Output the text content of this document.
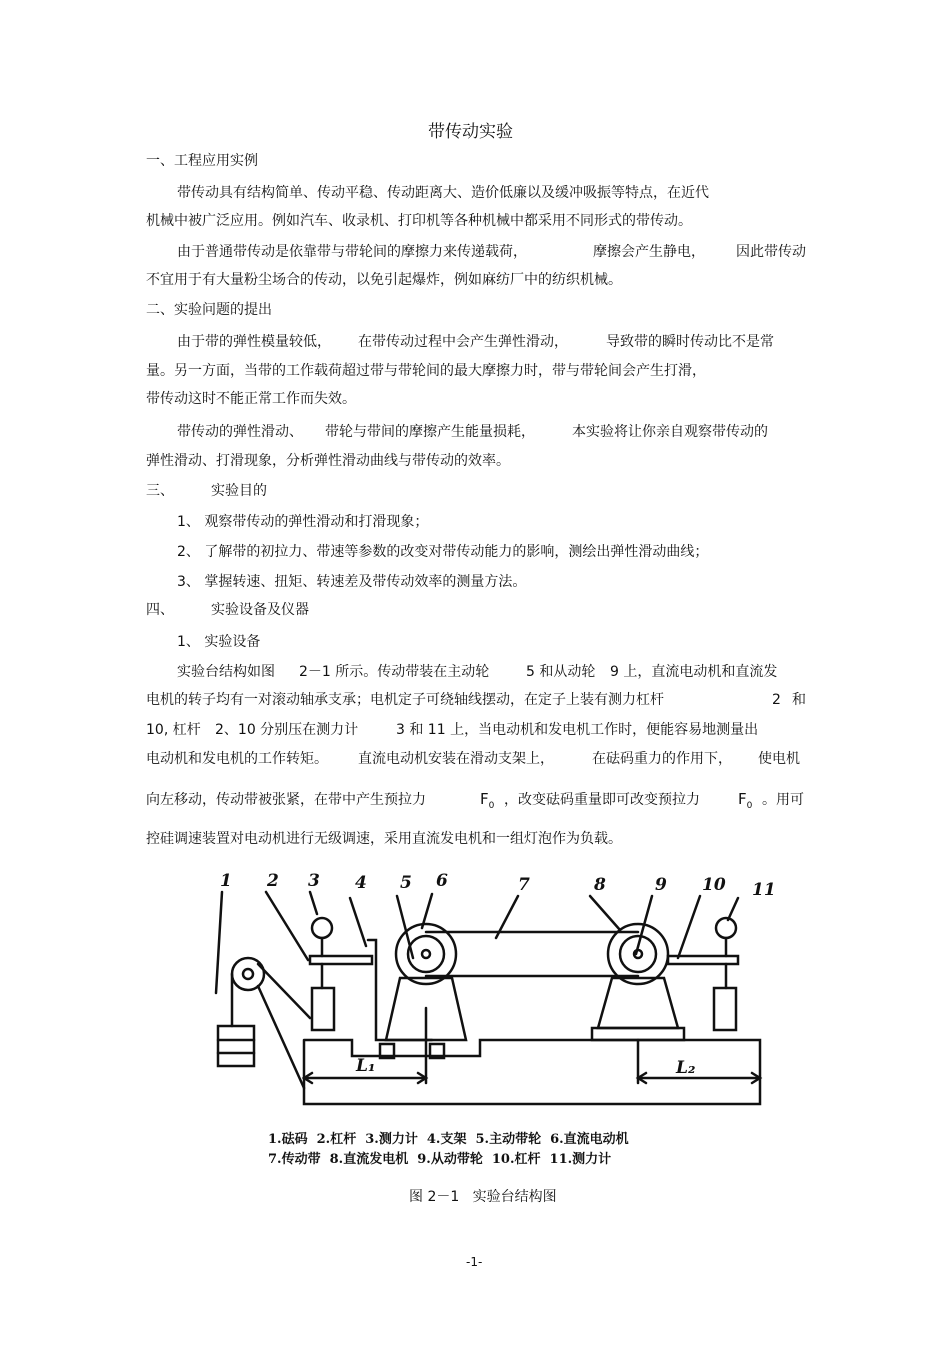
带传动实验
一、工程应用实例
带传动具有结构简单、传动平稳、传动距离大、造价低廉以及缓冲吸振等特点，在近代
机械中被广泛应用。例如汽车、收录机、打印机等各种机械中都采用不同形式的带传动。
由于普通带传动是依靠带与带轮间的摩擦力来传递载荷，	摩擦会产生静电， 因此带传动
不宜用于有大量粉尘场合的传动，以免引起爆炸，例如麻纺厂中的纺织机械。
二、实验问题的提出
由于带的弹性模量较低， 在带传动过程中会产生弹性滑动，	导致带的瞬时传动比不是常
量。另一方面，当带的工作载荷超过带与带轮间的最大摩擦力时，带与带轮间会产生打滑，
带传动这时不能正常工作而失效。
带传动的弹性滑动、 带轮与带间的摩擦产生能量损耗，	本实验将让你亲自观察带传动的
弹性滑动、打滑现象，分析弹性滑动曲线与带传动的效率。
三、	实验目的
1、 观察带传动的弹性滑动和打滑现象；
2、 了解带的初拉力、带速等参数的改变对带传动能力的影响，测绘出弹性滑动曲线；
3、 掌握转速、扭矩、转速差及带传动效率的测量方法。
四、	实验设备及仪器
1、 实验设备
实验台结构如图 2－1 所示。传动带装在主动轮	5 和从动轮 9 上，直流电动机和直流发
电机的转子均有一对滚动轴承支承；电机定子可绕轴线摆动，在定子上装有测力杠杆	2 和
10, 杠杆 2、10 分别压在测力计	3 和 11 上，当电动机和发电机工作时，便能容易地测量出
电动机和发电机的工作转矩。 直流电动机安装在滑动支架上，	在砝码重力的作用下， 使电机
向左移动，传动带被张紧，在带中产生预拉力	$F_0$ ，改变砝码重量即可改变预拉力	$F_0$ 。用可
控硅调速装置对电动机进行无级调速，采用直流发电机和一组灯泡作为负载。
1 2 3 4 5 6	7	8	9 10 11
L₁	L₂
1.砝码  2.杠杆  3.测力计  4.支架  5.主动带轮  6.直流电动机
7.传动带  8.直流发电机  9.从动带轮  10.杠杆  11.测力计
图 2－1   实验台结构图
-1-
